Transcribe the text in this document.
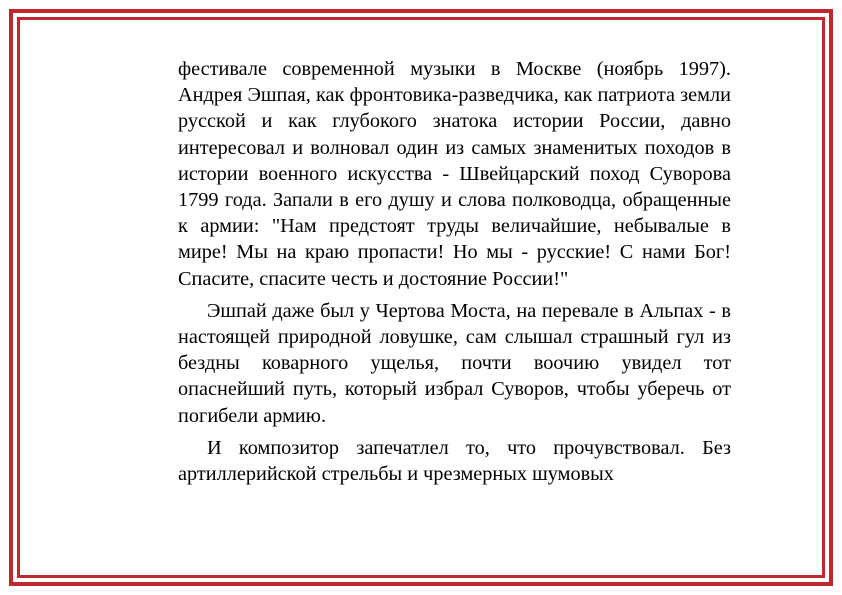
фестивале современной музыки в Москве (ноябрь 1997). Андрея Эшпая, как фронтовика-разведчика, как патриота земли русской и как глубокого знатока истории России, давно интересовал и волновал один из самых знаменитых походов в истории военного искусства - Швейцарский поход Суворова 1799 года. Запали в его душу и слова полководца, обращенные к армии: "Нам предстоят труды величайшие, небывалые в мире! Мы на краю пропасти! Но мы - русские! С нами Бог! Спасите, спасите честь и достояние России!"

Эшпай даже был у Чертова Моста, на перевале в Альпах - в настоящей природной ловушке, сам слышал страшный гул из бездны коварного ущелья, почти воочию увидел тот опаснейший путь, который избрал Суворов, чтобы уберечь от погибели армию.

И композитор запечатлел то, что прочувствовал. Без артиллерийской стрельбы и чрезмерных шумовых
